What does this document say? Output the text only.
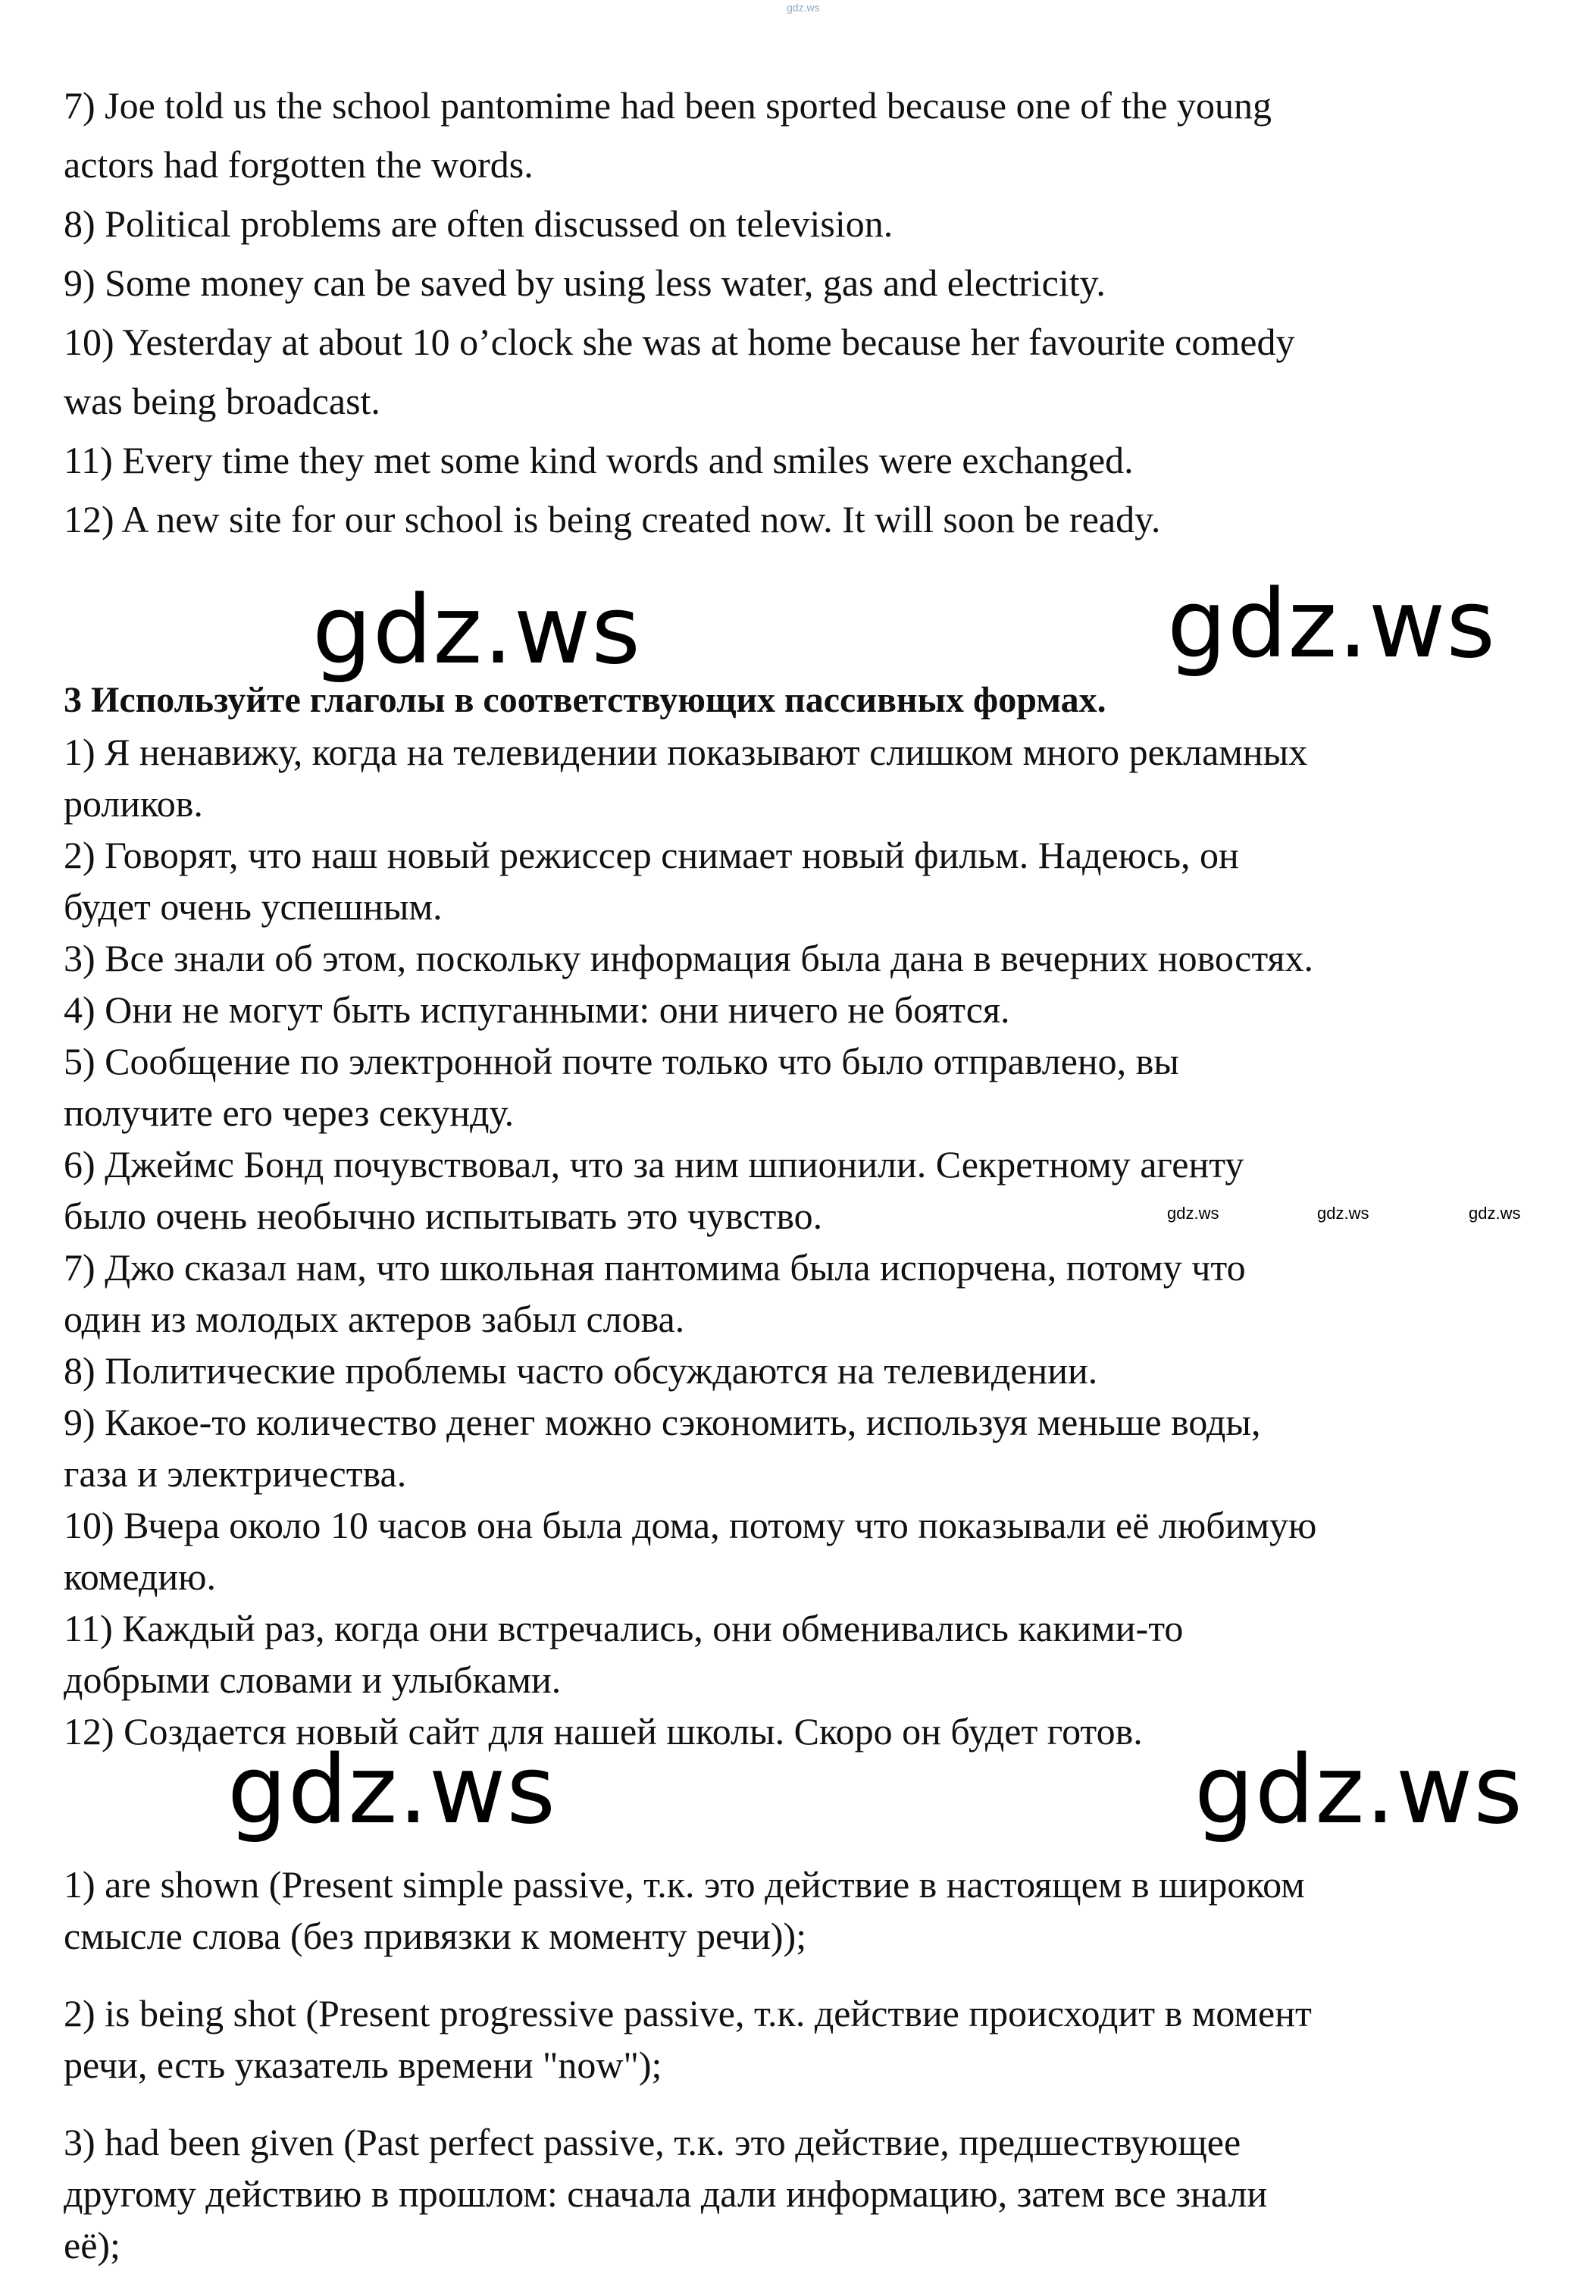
gdz.ws
7) Joe told us the school pantomime had been sported because one of the young
actors had forgotten the words.
8) Political problems are often discussed on television.
9) Some money can be saved by using less water, gas and electricity.
10) Yesterday at about 10 o’clock she was at home because her favourite comedy
was being broadcast.
11) Every time they met some kind words and smiles were exchanged.
12) A new site for our school is being created now. It will soon be ready.
3 Используйте глаголы в соответствующих пассивных формах.
1) Я ненавижу, когда на телевидении показывают слишком много рекламных
роликов.
2) Говорят, что наш новый режиссер снимает новый фильм. Надеюсь, он
будет очень успешным.
3) Все знали об этом, поскольку информация была дана в вечерних новостях.
4) Они не могут быть испуганными: они ничего не боятся.
5) Сообщение по электронной почте только что было отправлено, вы
получите его через секунду.
6) Джеймс Бонд почувствовал, что за ним шпионили. Секретному агенту
было очень необычно испытывать это чувство.
7) Джо сказал нам, что школьная пантомима была испорчена, потому что
один из молодых актеров забыл слова.
8) Политические проблемы часто обсуждаются на телевидении.
9) Какое-то количество денег можно сэкономить, используя меньше воды,
газа и электричества.
10) Вчера около 10 часов она была дома, потому что показывали её любимую
комедию.
11) Каждый раз, когда они встречались, они обменивались какими-то
добрыми словами и улыбками.
12) Создается новый сайт для нашей школы. Скоро он будет готов.
1) are shown (Present simple passive, т.к. это действие в настоящем в широком
смысле слова (без привязки к моменту речи));
2) is being shot (Present progressive passive, т.к. действие происходит в момент
речи, есть указатель времени "now");
3) had been given (Past perfect passive, т.к. это действие, предшествующее
другому действию в прошлом: сначала дали информацию, затем все знали
её);
gdz.ws	gdz.ws
gdz.ws	gdz.ws
gdz.ws	gdz.ws	gdz.ws
